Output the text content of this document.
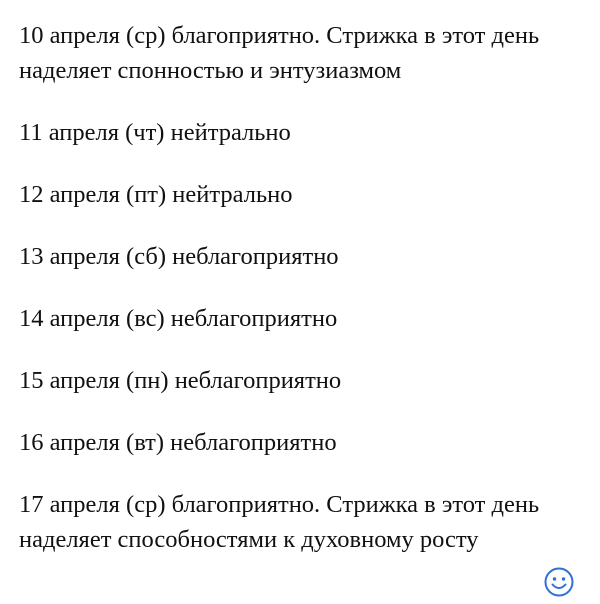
10 апреля (ср) благоприятно. Стрижка в этот день наделяет спонностью и энтузиазмом

11 апреля (чт) нейтрально

12 апреля (пт) нейтрально

13 апреля (сб) неблагоприятно

14 апреля (вс) неблагоприятно

15 апреля (пн) неблагоприятно

16 апреля (вт) неблагоприятно

17 апреля (ср) благоприятно. Стрижка в этот день наделяет способностями к духовному росту
